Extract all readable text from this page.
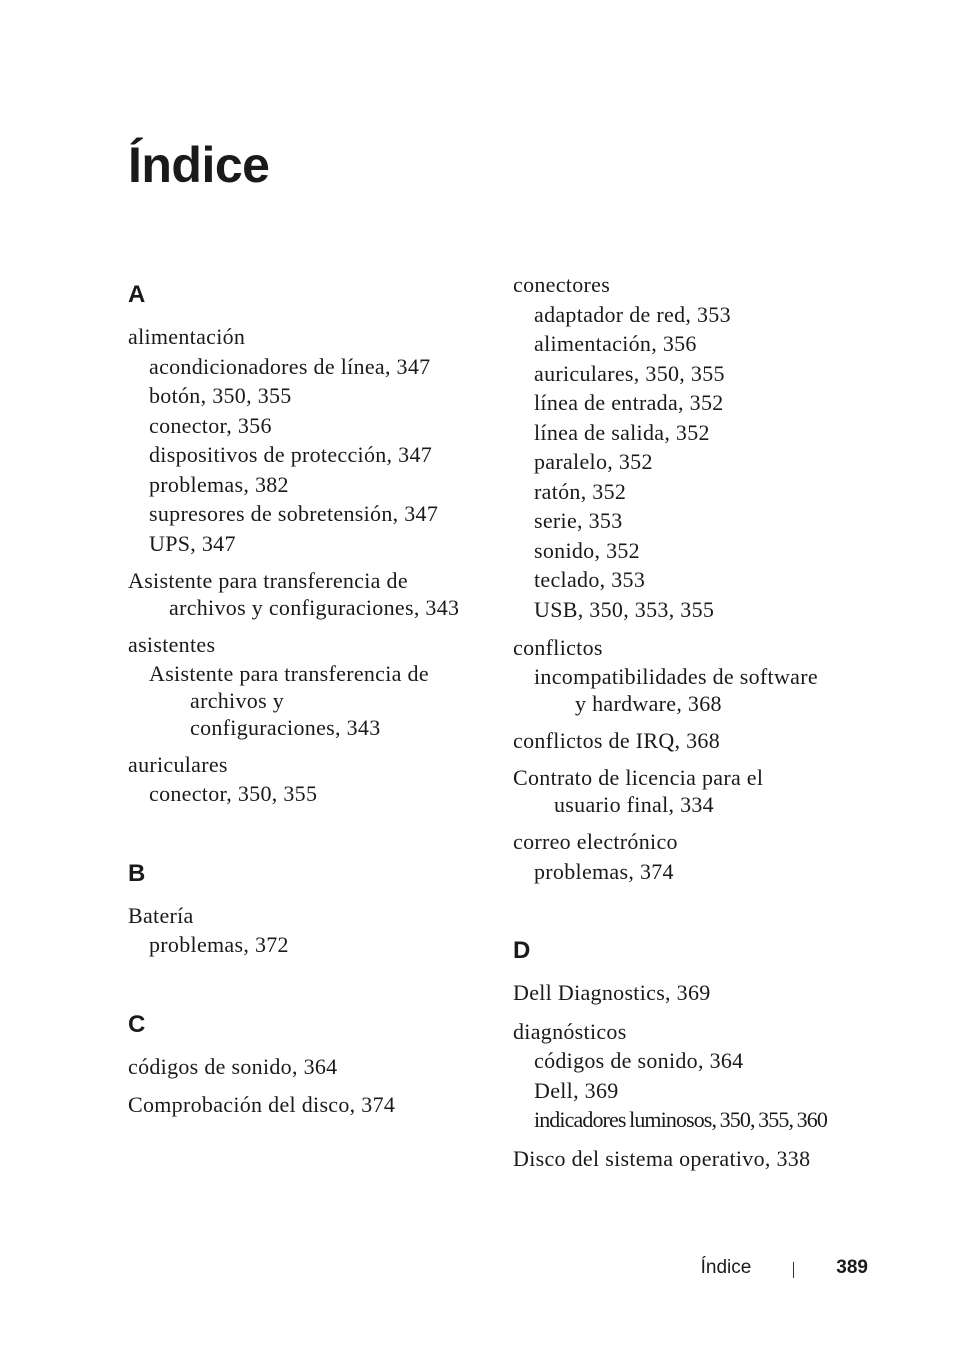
Índice
A
alimentación
acondicionadores de línea, 347
botón, 350, 355
conector, 356
dispositivos de protección, 347
problemas, 382
supresores de sobretensión, 347
UPS, 347
Asistente para transferencia de
archivos y configuraciones, 343
asistentes
Asistente para transferencia de
archivos y
configuraciones, 343
auriculares
conector, 350, 355
B
Batería
problemas, 372
C
códigos de sonido, 364
Comprobación del disco, 374
conectores
adaptador de red, 353
alimentación, 356
auriculares, 350, 355
línea de entrada, 352
línea de salida, 352
paralelo, 352
ratón, 352
serie, 353
sonido, 352
teclado, 353
USB, 350, 353, 355
conflictos
incompatibilidades de software
y hardware, 368
conflictos de IRQ, 368
Contrato de licencia para el
usuario final, 334
correo electrónico
problemas, 374
D
Dell Diagnostics, 369
diagnósticos
códigos de sonido, 364
Dell, 369
indicadores luminosos, 350, 355, 360
Disco del sistema operativo, 338
Índice	389
